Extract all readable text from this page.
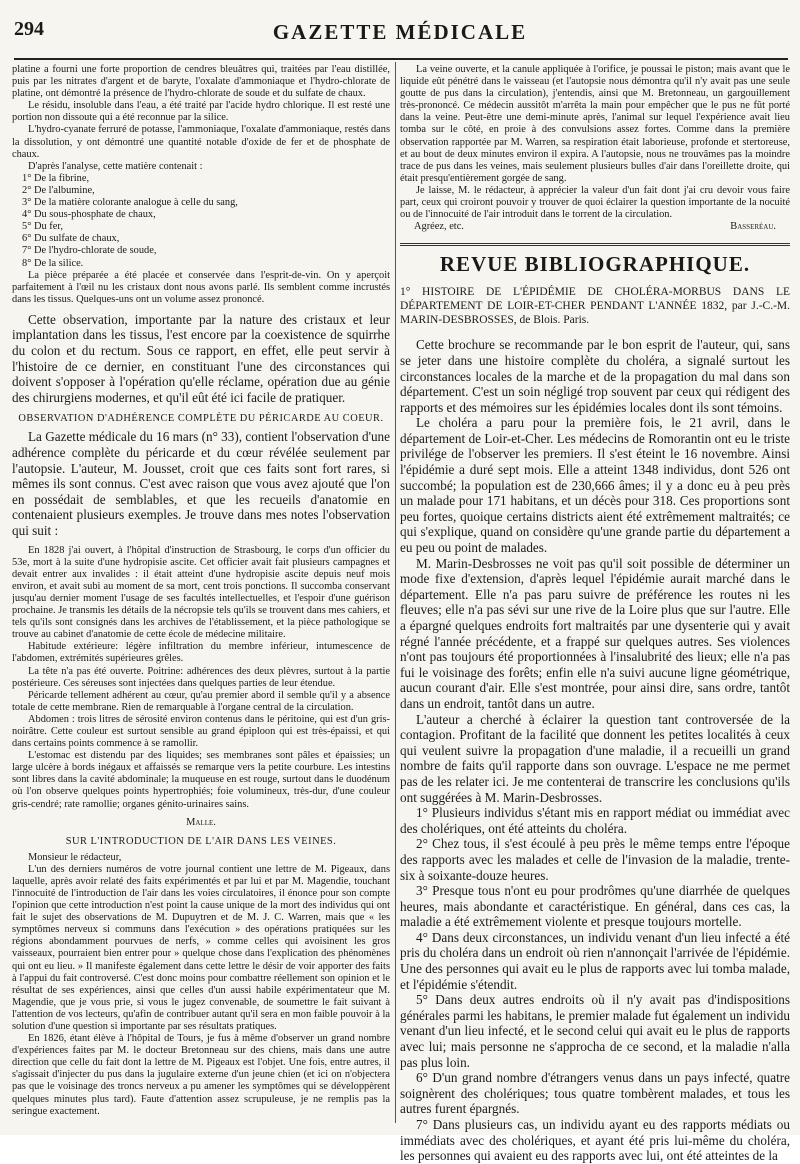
294	GAZETTE MÉDICALE

platine a fourni une forte proportion de cendres bleuâtres qui, traitées par l'eau distillée, puis par les nitrates d'argent et de baryte, l'oxalate d'ammoniaque et l'hydro-chlorate de platine, ont démontré la présence de l'hydro-chlorate de soude et du sulfate de chaux.

Le résidu, insoluble dans l'eau, a été traité par l'acide hydro chlorique. Il est resté une portion non dissoute qui a été reconnue par la silice.

L'hydro-cyanate ferruré de potasse, l'ammoniaque, l'oxalate d'ammoniaque, restés dans la dissolution, y ont démontré une quantité notable d'oxide de fer et de phosphate de chaux.

D'après l'analyse, cette matière contenait :

1° De la fibrine,
2° De l'albumine,
3° De la matière colorante analogue à celle du sang,
4° Du sous-phosphate de chaux,
5° Du fer,
6° Du sulfate de chaux,
7° De l'hydro-chlorate de soude,
8° De la silice.

La pièce préparée a été placée et conservée dans l'esprit-de-vin. On y aperçoit parfaitement à l'œil nu les cristaux dont nous avons parlé. Ils semblent comme incrustés dans les tissus. Quelques-uns ont un volume assez prononcé.

Cette observation, importante par la nature des cristaux et leur implantation dans les tissus, l'est encore par la coexistence de squirrhe du colon et du rectum. Sous ce rapport, en effet, elle peut servir à l'histoire de ce dernier, en constituant l'une des circonstances qui doivent s'opposer à l'opération qu'elle réclame, opération due au génie des chirurgiens modernes, et qu'il eût été ici facile de pratiquer.

OBSERVATION D'ADHÉRENCE COMPLÈTE DU PÉRICARDE AU COEUR.

La Gazette médicale du 16 mars (n° 33), contient l'observation d'une adhérence complète du péricarde et du cœur révélée seulement par l'autopsie. L'auteur, M. Jousset, croit que ces faits sont fort rares, si mêmes ils sont connus. C'est avec raison que vous avez ajouté que l'on en possédait de semblables, et que les recueils d'anatomie en contenaient plusieurs exemples. Je trouve dans mes notes l'observation qui suit :

En 1828 j'ai ouvert, à l'hôpital d'instruction de Strasbourg, le corps d'un officier du 53e, mort à la suite d'une hydropisie ascite. Cet officier avait fait plusieurs campagnes et devait entrer aux invalides : il était atteint d'une hydropisie ascite depuis neuf mois environ, et avait subi au moment de sa mort, cent trois ponctions. Il succomba conservant jusqu'au dernier moment l'usage de ses facultés intellectuelles, et l'espoir d'une guérison prochaine. Je transmis les détails de la nécropsie tels qu'ils se trouvent dans mes cahiers, et tels qu'ils sont consignés dans les archives de l'établissement, et la pièce pathologique se trouve au cabinet d'anatomie de cette école de médecine militaire.

Habitude extérieure: légère infiltration du membre inférieur, intumescence de l'abdomen, extrémités supérieures grêles.

La tête n'a pas été ouverte. Poitrine: adhérences des deux plèvres, surtout à la partie postérieure. Ces séreuses sont injectées dans quelques parties de leur étendue.

Péricarde tellement adhérent au cœur, qu'au premier abord il semble qu'il y a absence totale de cette membrane. Rien de remarquable à l'organe central de la circulation.

Abdomen : trois litres de sérosité environ contenus dans le péritoine, qui est d'un gris-noirâtre. Cette couleur est surtout sensible au grand épiploon qui est très-épaissi, et qui dans certains points commence à se ramollir.

L'estomac est distendu par des liquides; ses membranes sont pâles et épaissies; un large ulcère à bords inégaux et affaissés se remarque vers la petite courbure. Les intestins sont libres dans la cavité abdominale; la muqueuse en est rouge, surtout dans le duodénum où l'on observe quelques points hypertrophiés; foie volumineux, très-dur, d'une couleur gris-cendré; rate ramollie; organes génito-urinaires sains.

Malle.
SUR L'INTRODUCTION DE L'AIR DANS LES VEINES.

Monsieur le rédacteur,

L'un des derniers numéros de votre journal contient une lettre de M. Pigeaux, dans laquelle, après avoir relaté des faits expérimentés et par lui et par M. Magendie, touchant l'innocuité de l'introduction de l'air dans les voies circulatoires, il énonce pour son compte l'opinion que cette introduction n'est point la cause unique de la mort des individus qui ont fait le sujet des observations de M. Dupuytren et de M. J. C. Warren, mais que « les symptômes nerveux si communs dans l'exécution » des opérations pratiquées sur les régions abondamment pourvues de nerfs, » comme celles qui avoisinent les gros vaisseaux, pourraient bien entrer pour » quelque chose dans l'explication des phénomènes qui ont eu lieu. » Il manifeste également dans cette lettre le désir de voir apporter des faits à l'appui du fait controversé. C'est donc moins pour combattre réellement son opinion et le résultat de ses expériences, ainsi que celles d'un aussi habile expérimentateur que M. Magendie, que je vous prie, si vous le jugez convenable, de soumettre le fait suivant à l'attention de vos lecteurs, qu'afin de contribuer autant qu'il sera en mon faible pouvoir à la solution d'une question si importante par ses résultats pratiques.

En 1826, étant élève à l'hôpital de Tours, je fus à même d'observer un grand nombre d'expériences faites par M. le docteur Bretonneau sur des chiens, mais dans une autre direction que celle du fait dont la lettre de M. Pigeaux est l'objet. Une fois, entre autres, il s'agissait d'injecter du pus dans la jugulaire externe d'un jeune chien (et ici on n'objectera pas que le voisinage des troncs nerveux a pu amener les symptômes qui se développèrent quelques minutes plus tard). Faute d'attention assez scrupuleuse, je ne remplis pas la seringue exactement.

La veine ouverte, et la canule appliquée à l'orifice, je poussai le piston; mais avant que le liquide eût pénétré dans le vaisseau (et l'autopsie nous démontra qu'il n'y avait pas une seule goutte de pus dans la circulation), j'entendis, ainsi que M. Bretonneau, un gargouillement très-prononcé. Ce médecin aussitôt m'arrêta la main pour empêcher que le pus ne fût porté dans la veine. Peut-être une demi-minute après, l'animal sur lequel l'expérience avait lieu tomba sur le côté, en proie à des convulsions assez fortes. Comme dans la première observation rapportée par M. Warren, sa respiration était laborieuse, profonde et stertoreuse, et au bout de deux minutes environ il expira. A l'autopsie, nous ne trouvâmes pas la moindre trace de pus dans les veines, mais seulement plusieurs bulles d'air dans l'oreillette droite, qui était presqu'entièrement gorgée de sang.

Je laisse, M. le rédacteur, à apprécier la valeur d'un fait dont j'ai cru devoir vous faire part, ceux qui croiront pouvoir y trouver de quoi éclairer la question importante de la nocuité ou de l'innocuité de l'air introduit dans le torrent de la circulation.

Agréez, etc.	Basseréau.
REVUE BIBLIOGRAPHIQUE.

1° HISTOIRE DE L'ÉPIDÉMIE DE CHOLÉRA-MORBUS DANS LE DÉPARTEMENT DE LOIR-ET-CHER PENDANT L'ANNÉE 1832, par J.-C.-M. MARIN-DESBROSSES, de Blois. Paris.

Cette brochure se recommande par le bon esprit de l'auteur, qui, sans se jeter dans une histoire complète du choléra, a signalé surtout les circonstances locales de la marche et de la propagation du mal dans son département. C'est un soin négligé trop souvent par ceux qui rédigent des rapports et des mémoires sur les épidémies locales dont ils sont témoins.

Le choléra a paru pour la première fois, le 21 avril, dans le département de Loir-et-Cher. Les médecins de Romorantin ont eu le triste privilége de l'observer les premiers. Il s'est éteint le 16 novembre. Ainsi l'épidémie a duré sept mois. Elle a atteint 1348 individus, dont 526 ont succombé; la population est de 230,666 âmes; il y a donc eu à peu près un malade pour 171 habitans, et un décès pour 318. Ces proportions sont peu fortes, quoique certains districts aient été extrêmement maltraités; ce qui s'explique, quand on considère qu'une grande partie du département a eu peu ou point de malades.

M. Marin-Desbrosses ne voit pas qu'il soit possible de déterminer un mode fixe d'extension, d'après lequel l'épidémie aurait marché dans le département. Elle n'a pas paru suivre de préférence les routes ni les fleuves; elle n'a pas sévi sur une rive de la Loire plus que sur l'autre. Elle a épargné quelques endroits fort maltraités par une dysenterie qui y avait régné l'année précédente, et a frappé sur quelques autres. Ses violences n'ont pas toujours été proportionnées à l'insalubrité des lieux; elle n'a pas fui le voisinage des forêts; enfin elle n'a suivi aucune ligne géométrique, aucun courant d'air. Elle s'est montrée, pour ainsi dire, sans ordre, tantôt dans un endroit, tantôt dans un autre.

L'auteur a cherché à éclairer la question tant controversée de la contagion. Profitant de la facilité que donnent les petites localités à ceux qui veulent suivre la propagation d'une maladie, il a recueilli un grand nombre de faits qu'il rapporte dans son ouvrage. L'espace ne me permet pas de les relater ici. Je me contenterai de transcrire les conclusions qu'ils ont suggérées à M. Marin-Desbrosses.

1° Plusieurs individus s'étant mis en rapport médiat ou immédiat avec des cholériques, ont été atteints du choléra.

2° Chez tous, il s'est écoulé à peu près le même temps entre l'époque des rapports avec les malades et celle de l'invasion de la maladie, trente-six à soixante-douze heures.

3° Presque tous n'ont eu pour prodrômes qu'une diarrhée de quelques heures, mais abondante et caractéristique. En général, dans ces cas, la maladie a été extrêmement violente et presque toujours mortelle.

4° Dans deux circonstances, un individu venant d'un lieu infecté a été pris du choléra dans un endroit où rien n'annonçait l'arrivée de l'épidémie. Une des personnes qui avait eu le plus de rapports avec lui tomba malade, et l'épidémie s'étendit.

5° Dans deux autres endroits où il n'y avait pas d'indispositions générales parmi les habitans, le premier malade fut également un individu venant d'un lieu infecté, et le second celui qui avait eu le plus de rapports avec lui; mais personne ne s'approcha de ce second, et la maladie n'alla pas plus loin.

6° D'un grand nombre d'étrangers venus dans un pays infecté, quatre soignèrent des cholériques; tous quatre tombèrent malades, et tous les autres furent épargnés.

7° Dans plusieurs cas, un individu ayant eu des rapports médiats ou immédiats avec des cholériques, et ayant été pris lui-même du choléra, les personnes qui avaient eu des rapports avec lui, ont été atteintes de la
